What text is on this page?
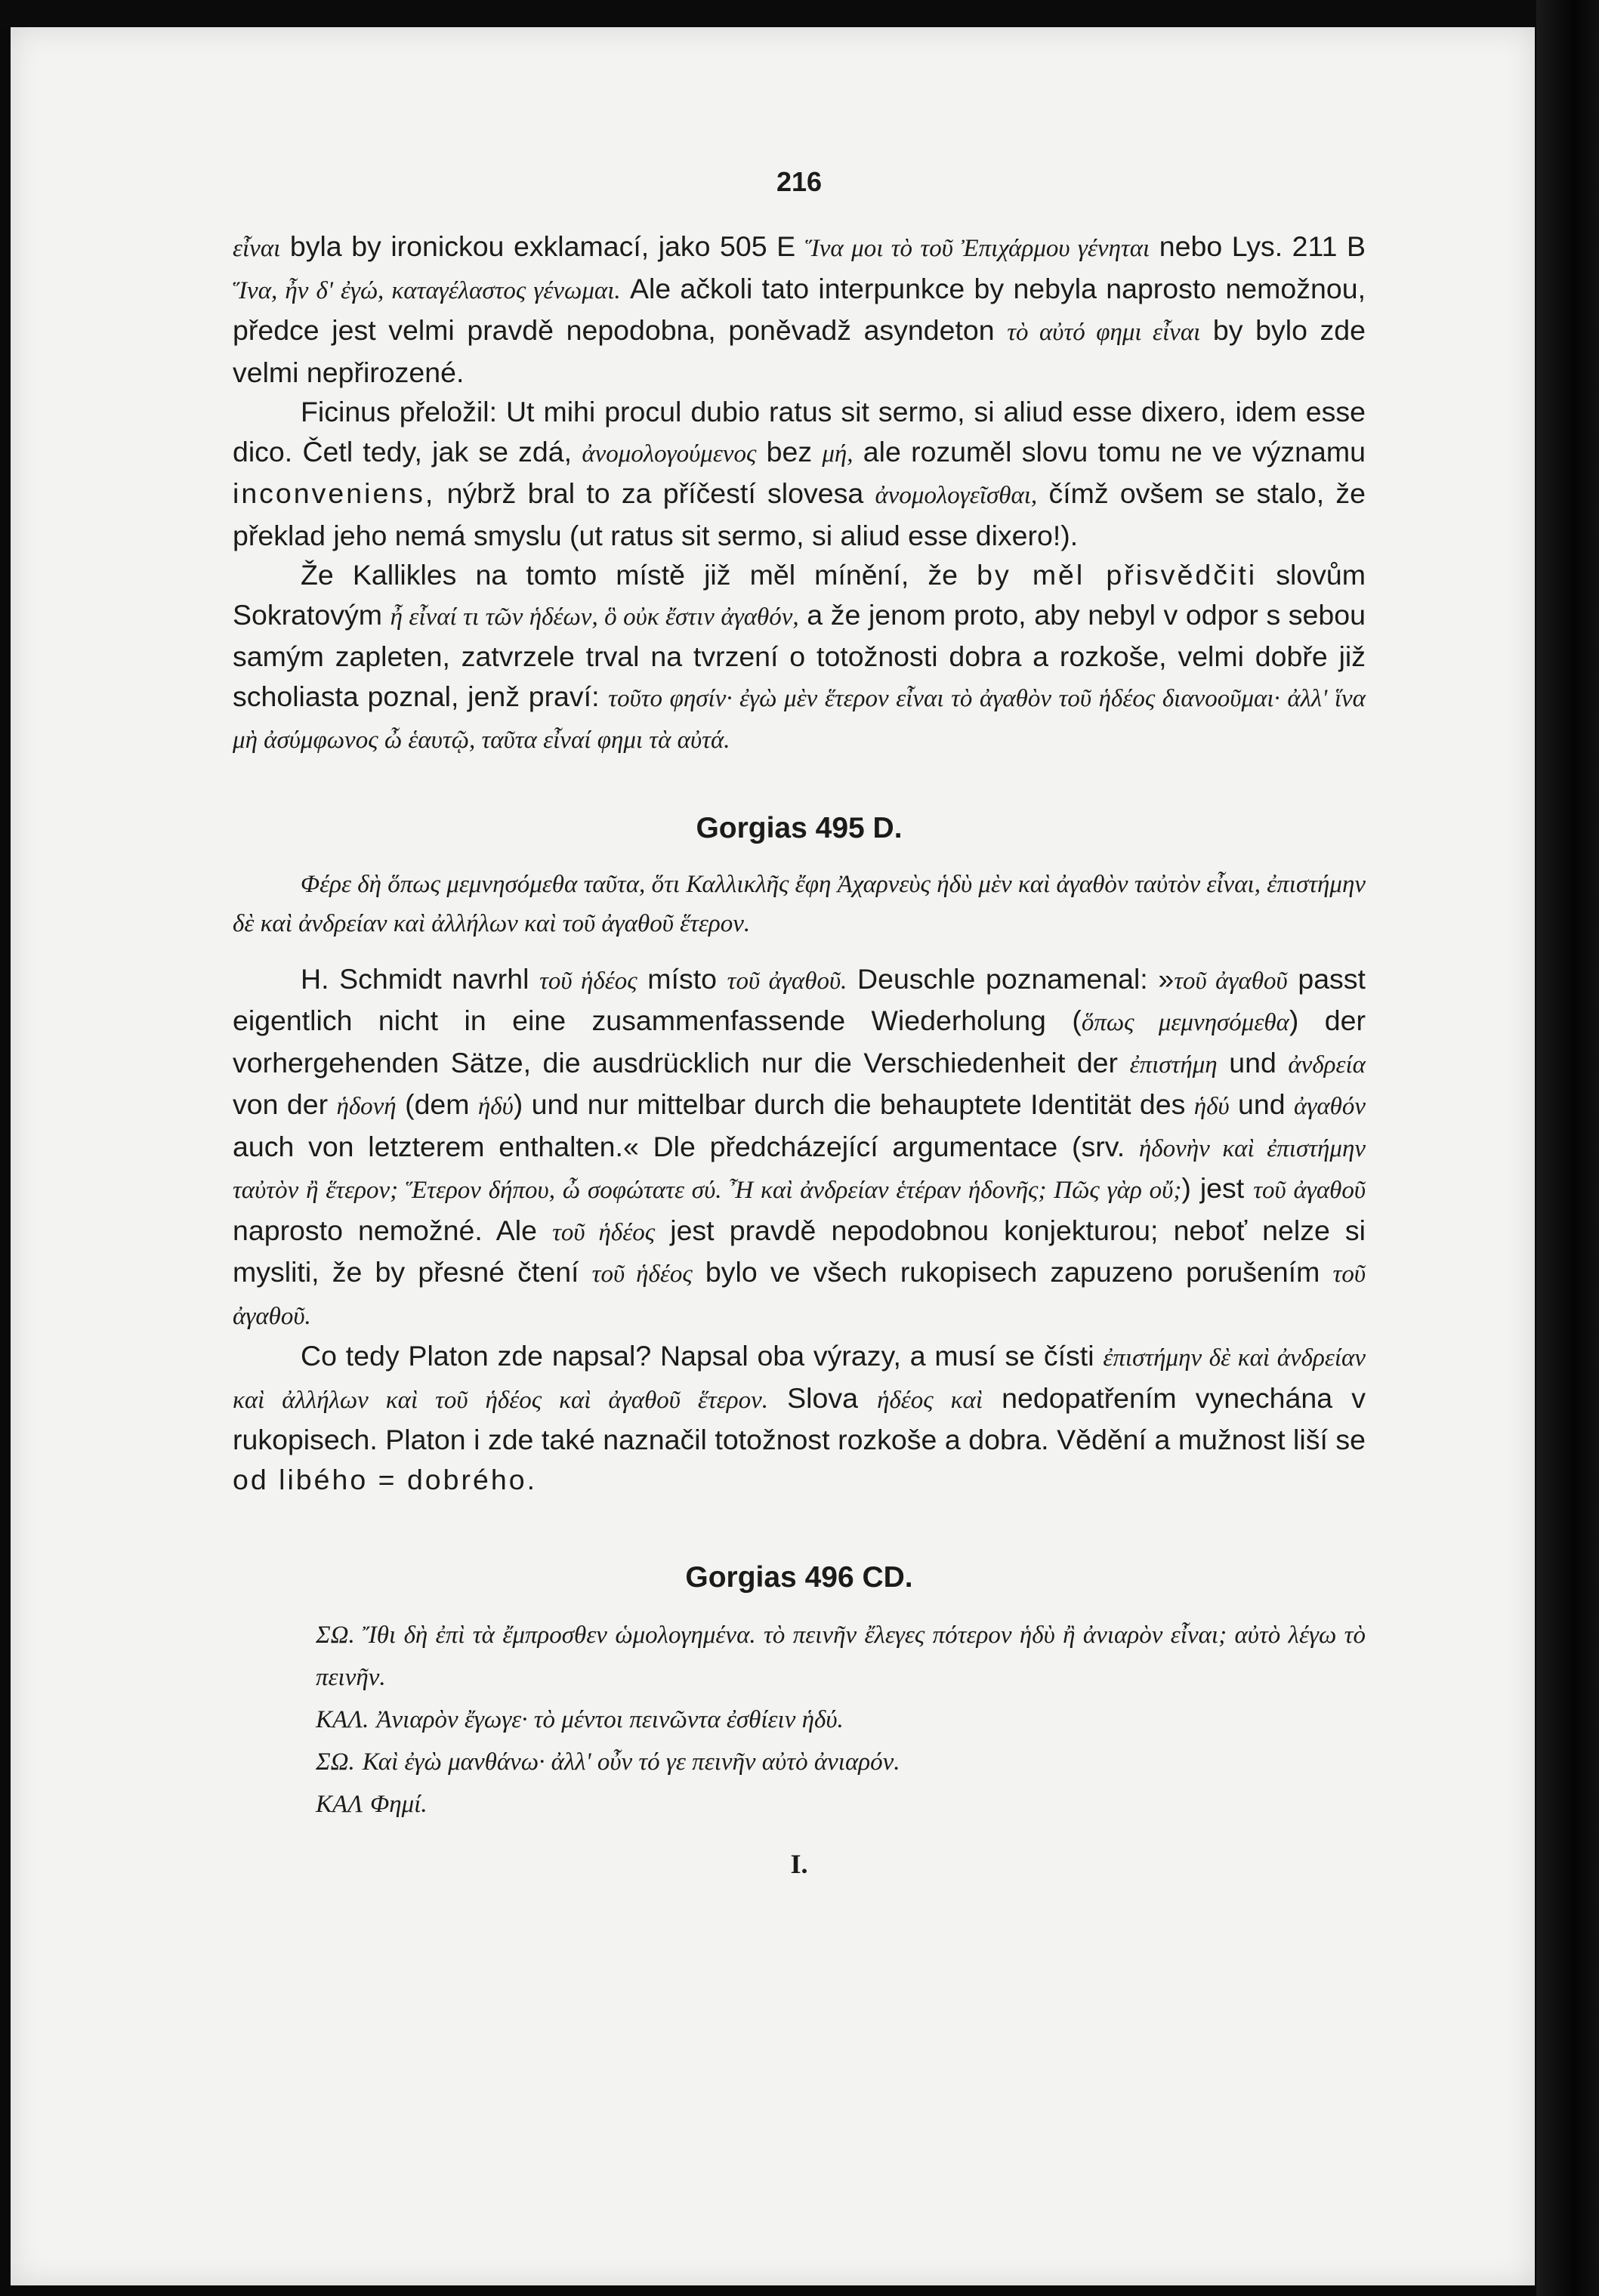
216

εἶναι byla by ironickou exklamací, jako 505 E Ἵνα μοι τὸ τοῦ Ἐπιχάρμου γένηται nebo Lys. 211 B Ἵνα, ἦν δ' ἐγώ, καταγέλαστος γένωμαι. Ale ačkoli tato interpunkce by nebyla naprosto nemožnou, předce jest velmi pravdě nepodobna, poněvadž asyndeton τὸ αὐτό φημι εἶναι by bylo zde velmi nepřirozené.

Ficinus přeložil: Ut mihi procul dubio ratus sit sermo, si aliud esse dixero, idem esse dico. Četl tedy, jak se zdá, ἀνομολογούμενος bez μή, ale rozuměl slovu tomu ne ve významu inconveniens, nýbrž bral to za příčestí slovesa ἀνομολογεῖσθαι, čímž ovšem se stalo, že překlad jeho nemá smyslu (ut ratus sit sermo, si aliud esse dixero!).

Že Kallikles na tomto místě již měl mínění, že by měl přisvědčiti slovům Sokratovým ἦ εἶναί τι τῶν ἡδέων, ὃ οὐκ ἔστιν ἀγαθόν, a že jenom proto, aby nebyl v odpor s sebou samým zapleten, zatvrzele trval na tvrzení o totožnosti dobra a rozkoše, velmi dobře již scholiasta poznal, jenž praví: τοῦτο φησίν· ἐγὼ μὲν ἕτερον εἶναι τὸ ἀγαθὸν τοῦ ἡδέος διανοοῦμαι· ἀλλ' ἵνα μὴ ἀσύμφωνος ὦ ἑαυτῷ, ταῦτα εἶναί φημι τὰ αὐτά.

Gorgias 495 D.

Φέρε δὴ ὅπως μεμνησόμεθα ταῦτα, ὅτι Καλλικλῆς ἔφη Ἀχαρνεὺς ἡδὺ μὲν καὶ ἀγαθὸν ταὐτὸν εἶναι, ἐπιστήμην δὲ καὶ ἀνδρείαν καὶ ἀλλήλων καὶ τοῦ ἀγαθοῦ ἕτερον.

H. Schmidt navrhl τοῦ ἡδέος místo τοῦ ἀγαθοῦ. Deuschle poznamenal: »τοῦ ἀγαθοῦ passt eigentlich nicht in eine zusammenfassende Wiederholung (ὅπως μεμνησόμεθα) der vorhergehenden Sätze, die ausdrücklich nur die Verschiedenheit der ἐπιστήμη und ἀνδρεία von der ἡδονή (dem ἡδύ) und nur mittelbar durch die behauptete Identität des ἡδύ und ἀγαθόν auch von letzterem enthalten.« Dle předcházející argumentace (srv. ἡδονὴν καὶ ἐπιστήμην ταὐτὸν ἢ ἕτερον; Ἕτερον δήπου, ὦ σοφώτατε σύ. Ἦ καὶ ἀνδρείαν ἑτέραν ἡδονῆς; Πῶς γὰρ οὔ;) jest τοῦ ἀγαθοῦ naprosto nemožné. Ale τοῦ ἡδέος jest pravdě nepodobnou konjekturou; neboť nelze si mysliti, že by přesné čtení τοῦ ἡδέος bylo ve všech rukopisech zapuzeno porušením τοῦ ἀγαθοῦ.

Co tedy Platon zde napsal? Napsal oba výrazy, a musí se čísti ἐπιστήμην δὲ καὶ ἀνδρείαν καὶ ἀλλήλων καὶ τοῦ ἡδέος καὶ ἀγαθοῦ ἕτερον. Slova ἡδέος καὶ nedopatřením vynechána v rukopisech. Platon i zde také naznačil totožnost rozkoše a dobra. Vědění a mužnost liší se od libého = dobrého.

Gorgias 496 CD.

ΣΩ. Ἴθι δὴ ἐπὶ τὰ ἔμπροσθεν ὡμολογημένα. τὸ πεινῆν ἔλεγες πότερον ἡδὺ ἢ ἀνιαρὸν εἶναι; αὐτὸ λέγω τὸ πεινῆν.

ΚΑΛ. Ἀνιαρὸν ἔγωγε· τὸ μέντοι πεινῶντα ἐσθίειν ἡδύ.

ΣΩ. Καὶ ἐγὼ μανθάνω· ἀλλ' οὖν τό γε πεινῆν αὐτὸ ἀνιαρόν.

ΚΑΛ Φημί.

I.
